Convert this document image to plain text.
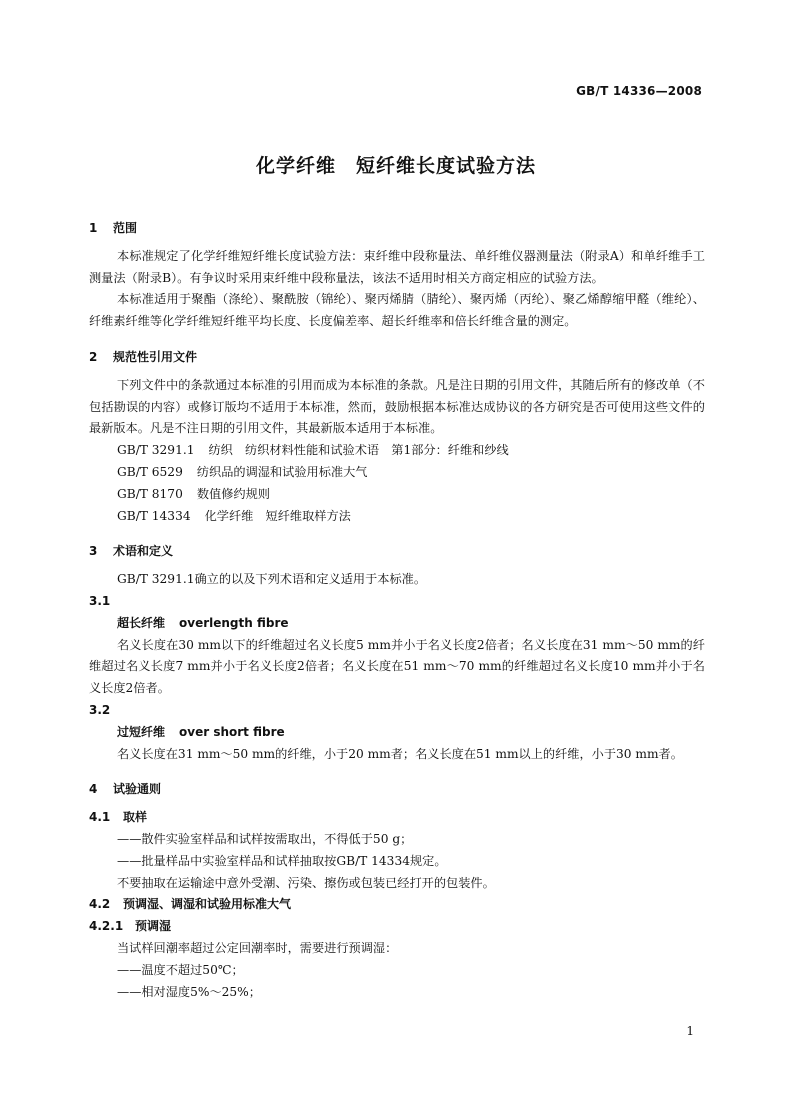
GB/T 14336—2008
化学纤维　短纤维长度试验方法
1 范围
本标准规定了化学纤维短纤维长度试验方法：束纤维中段称量法、单纤维仪器测量法（附录A）和单纤维手工测量法（附录B）。有争议时采用束纤维中段称量法，该法不适用时相关方商定相应的试验方法。
本标准适用于聚酯（涤纶）、聚酰胺（锦纶）、聚丙烯腈（腈纶）、聚丙烯（丙纶）、聚乙烯醇缩甲醛（维纶）、纤维素纤维等化学纤维短纤维平均长度、长度偏差率、超长纤维率和倍长纤维含量的测定。
2 规范性引用文件
下列文件中的条款通过本标准的引用而成为本标准的条款。凡是注日期的引用文件，其随后所有的修改单（不包括勘误的内容）或修订版均不适用于本标准，然而，鼓励根据本标准达成协议的各方研究是否可使用这些文件的最新版本。凡是不注日期的引用文件，其最新版本适用于本标准。
GB/T 3291.1 纺织　纺织材料性能和试验术语　第1部分：纤维和纱线
GB/T 6529 纺织品的调湿和试验用标准大气
GB/T 8170 数值修约规则
GB/T 14334 化学纤维　短纤维取样方法
3 术语和定义
GB/T 3291.1确立的以及下列术语和定义适用于本标准。
3.1
超长纤维 overlength fibre
名义长度在30 mm以下的纤维超过名义长度5 mm并小于名义长度2倍者；名义长度在31 mm～50 mm的纤维超过名义长度7 mm并小于名义长度2倍者；名义长度在51 mm～70 mm的纤维超过名义长度10 mm并小于名义长度2倍者。
3.2
过短纤维 over short fibre
名义长度在31 mm～50 mm的纤维，小于20 mm者；名义长度在51 mm以上的纤维，小于30 mm者。
4 试验通则
4.1 取样
——散件实验室样品和试样按需取出，不得低于50 g；
——批量样品中实验室样品和试样抽取按GB/T 14334规定。
不要抽取在运输途中意外受潮、污染、擦伤或包装已经打开的包装件。
4.2 预调湿、调湿和试验用标准大气
4.2.1 预调湿
当试样回潮率超过公定回潮率时，需要进行预调湿：
——温度不超过50℃；
——相对湿度5%～25%；
1
